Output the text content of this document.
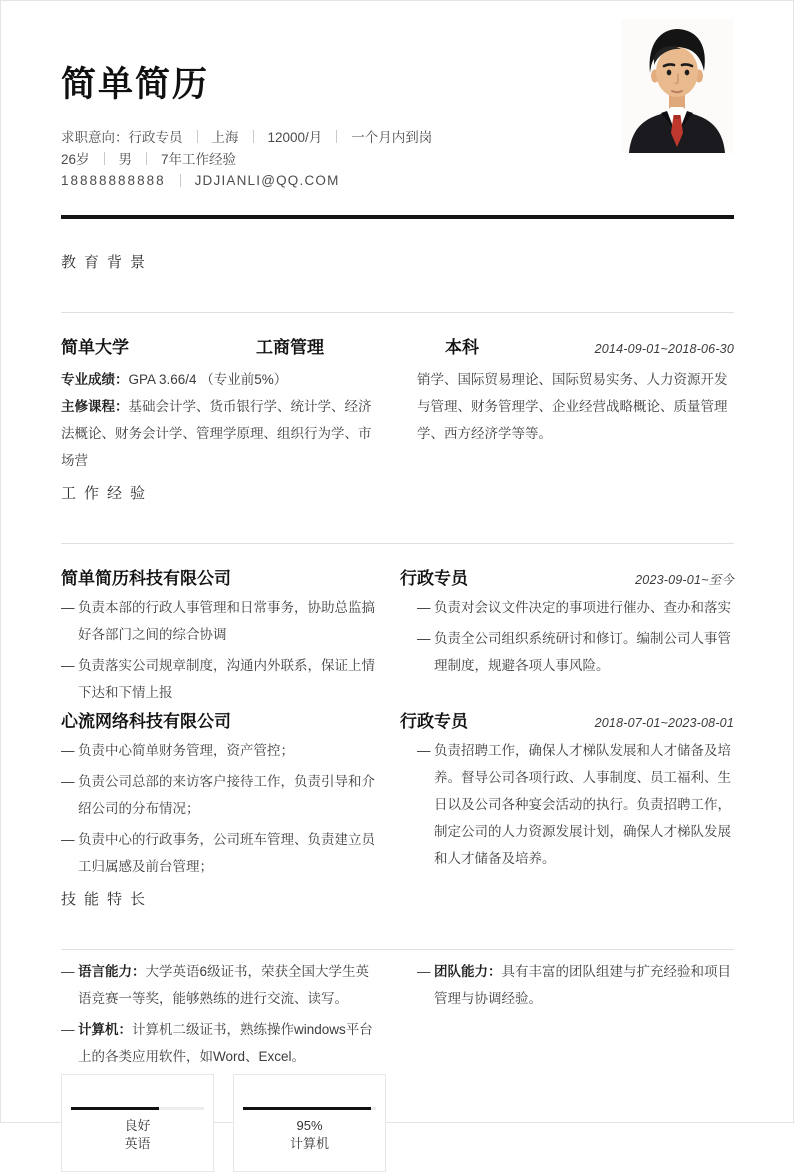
简单简历
求职意向：行政专员 上海 12000/月 一个月内到岗
26岁 男 7年工作经验
18888888888 JDJIANLI@QQ.COM
教育背景
简单大学	工商管理	本科	2014-09-01~2018-06-30

专业成绩：GPA 3.66/4 （专业前5%）

主修课程：基础会计学、货币银行学、统计学、经济法概论、财务会计学、管理学原理、组织行为学、市场营

销学、国际贸易理论、国际贸易实务、人力资源开发与管理、财务管理学、企业经营战略概论、质量管理学、西方经济学等等。

工作经验
简单简历科技有限公司	行政专员	2023-09-01~至今
— 负责本部的行政人事管理和日常事务，协助总监搞好各部门之间的综合协调

— 负责落实公司规章制度，沟通内外联系，保证上情下达和下情上报

— 负责对会议文件决定的事项进行催办、查办和落实

— 负责全公司组织系统研讨和修订。编制公司人事管理制度，规避各项人事风险。

心流网络科技有限公司	行政专员	2018-07-01~2023-08-01
— 负责中心简单财务管理，资产管控；

— 负责公司总部的来访客户接待工作，负责引导和介绍公司的分布情况；

— 负责中心的行政事务，公司班车管理、负责建立员工归属感及前台管理；

— 负责招聘工作，确保人才梯队发展和人才储备及培养。督导公司各项行政、人事制度、员工福利、生日以及公司各种宴会活动的执行。负责招聘工作，制定公司的人力资源发展计划，确保人才梯队发展和人才储备及培养。

技能特长
— 语言能力：大学英语6级证书，荣获全国大学生英语竞赛一等奖，能够熟练的进行交流、读写。

— 计算机：计算机二级证书，熟练操作windows平台上的各类应用软件，如Word、Excel。

— 团队能力：具有丰富的团队组建与扩充经验和项目管理与协调经验。

良好
英语
95%
计算机
